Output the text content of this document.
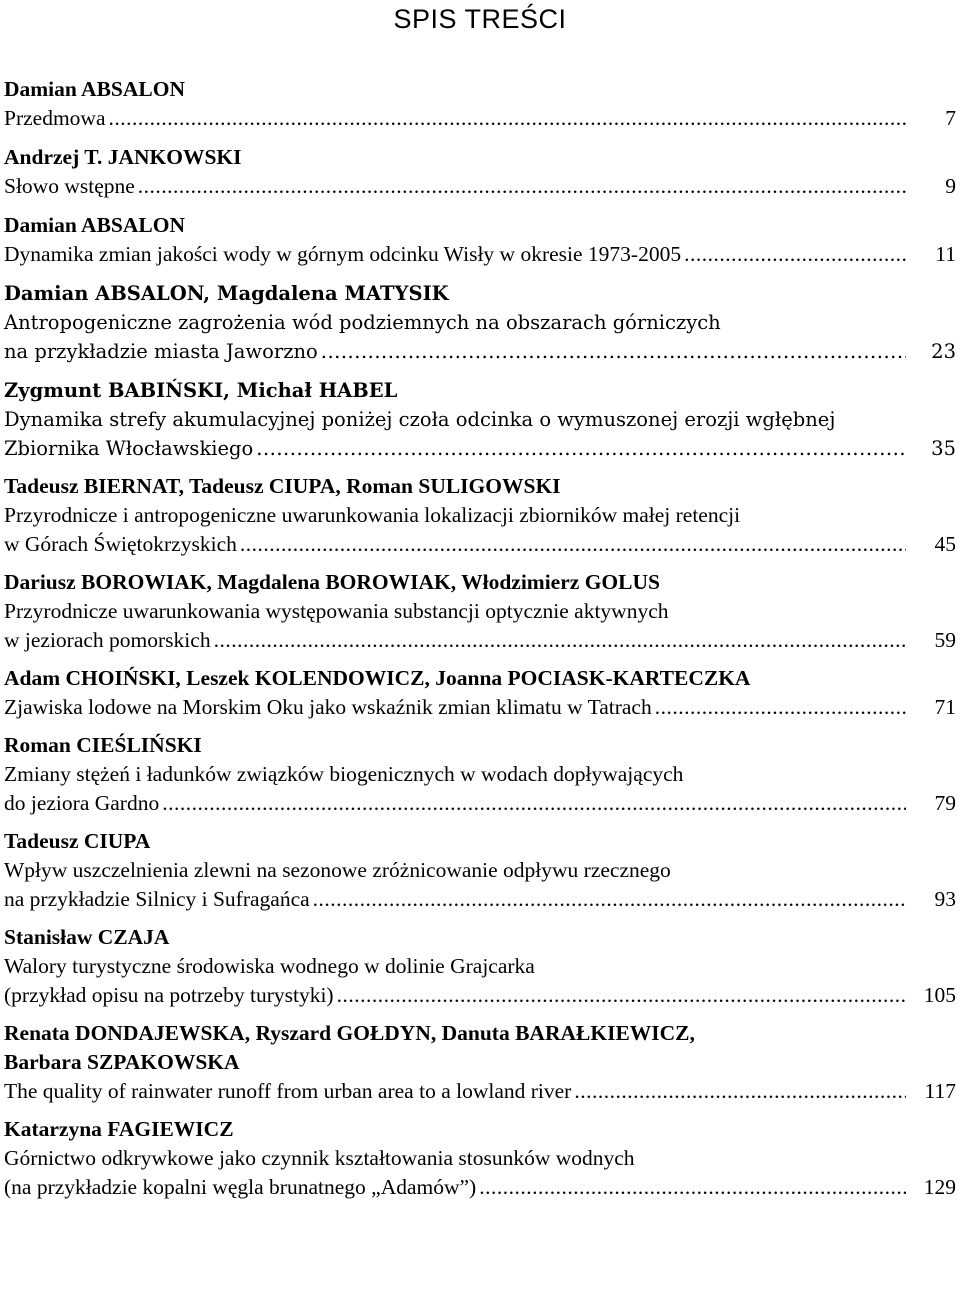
SPIS TREŚCI
Damian ABSALON
Przedmowa .....	7
Andrzej T. JANKOWSKI
Słowo wstępne .....	9
Damian ABSALON
Dynamika zmian jakości wody w górnym odcinku Wisły w okresie 1973-2005 .....	11
Damian ABSALON, Magdalena MATYSIK
Antropogeniczne zagrożenia wód podziemnych na obszarach górniczych
na przykładzie miasta Jaworzno .....	23
Zygmunt BABIŃSKI, Michał HABEL
Dynamika strefy akumulacyjnej poniżej czoła odcinka o wymuszonej erozji wgłębnej
Zbiornika Włocławskiego .....	35
Tadeusz BIERNAT, Tadeusz CIUPA, Roman SULIGOWSKI
Przyrodnicze i antropogeniczne uwarunkowania lokalizacji zbiorników małej retencji
w Górach Świętokrzyskich .....	45
Dariusz BOROWIAK, Magdalena BOROWIAK, Włodzimierz GOLUS
Przyrodnicze uwarunkowania występowania substancji optycznie aktywnych
w jeziorach pomorskich .....	59
Adam CHOIŃSKI, Leszek KOLENDOWICZ, Joanna POCIASK-KARTECZKA
Zjawiska lodowe na Morskim Oku jako wskaźnik zmian klimatu w Tatrach .....	71
Roman CIEŚLIŃSKI
Zmiany stężeń i ładunków związków biogenicznych w wodach dopływających
do jeziora Gardno .....	79
Tadeusz CIUPA
Wpływ uszczelnienia zlewni na sezonowe zróżnicowanie odpływu rzecznego
na przykładzie Silnicy i Sufragańca .....	93
Stanisław CZAJA
Walory turystyczne środowiska wodnego w dolinie Grajcarka
(przykład opisu na potrzeby turystyki) .....	105
Renata DONDAJEWSKA, Ryszard GOŁDYN, Danuta BARAŁKIEWICZ,
Barbara SZPAKOWSKA
The quality of rainwater runoff from urban area to a lowland river .....	117
Katarzyna FAGIEWICZ
Górnictwo odkrywkowe jako czynnik kształtowania stosunków wodnych
(na przykładzie kopalni węgla brunatnego „Adamów”) .....	129
